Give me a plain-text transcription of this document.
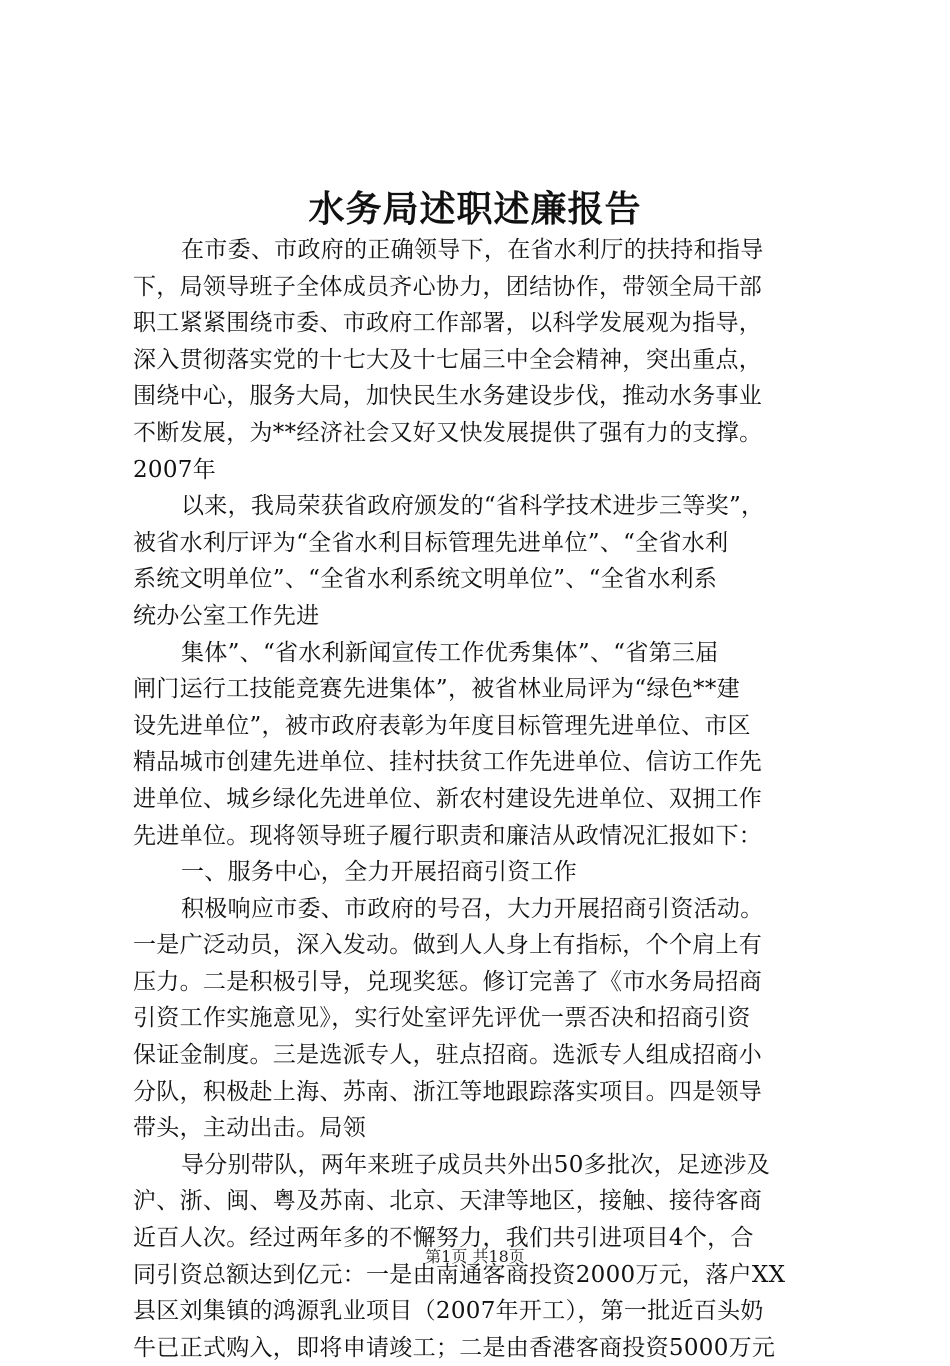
水务局述职述廉报告

在市委、市政府的正确领导下，在省水利厅的扶持和指导

下，局领导班子全体成员齐心协力，团结协作，带领全局干部

职工紧紧围绕市委、市政府工作部署，以科学发展观为指导，

深入贯彻落实党的十七大及十七届三中全会精神，突出重点，

围绕中心，服务大局，加快民生水务建设步伐，推动水务事业

不断发展，为**经济社会又好又快发展提供了强有力的支撑。

2007年

以来，我局荣获省政府颁发的“省科学技术进步三等奖”，

被省水利厅评为“全省水利目标管理先进单位”、“全省水利

系统文明单位”、“全省水利系统文明单位”、“全省水利系

统办公室工作先进

集体”、“省水利新闻宣传工作优秀集体”、“省第三届

闸门运行工技能竞赛先进集体”，被省林业局评为“绿色**建

设先进单位”，被市政府表彰为年度目标管理先进单位、市区

精品城市创建先进单位、挂村扶贫工作先进单位、信访工作先

进单位、城乡绿化先进单位、新农村建设先进单位、双拥工作

先进单位。现将领导班子履行职责和廉洁从政情况汇报如下：

一、服务中心，全力开展招商引资工作

积极响应市委、市政府的号召，大力开展招商引资活动。

一是广泛动员，深入发动。做到人人身上有指标，个个肩上有

压力。二是积极引导，兑现奖惩。修订完善了《市水务局招商

引资工作实施意见》，实行处室评先评优一票否决和招商引资

保证金制度。三是选派专人，驻点招商。选派专人组成招商小

分队，积极赴上海、苏南、浙江等地跟踪落实项目。四是领导

带头，主动出击。局领

导分别带队，两年来班子成员共外出50多批次，足迹涉及

沪、浙、闽、粤及苏南、北京、天津等地区，接触、接待客商

近百人次。经过两年多的不懈努力，我们共引进项目4个，合

同引资总额达到亿元：一是由南通客商投资2000万元，落户XX

县区刘集镇的鸿源乳业项目（2007年开工），第一批近百头奶

牛已正式购入，即将申请竣工；二是由香港客商投资5000万元

第1页 共18页
